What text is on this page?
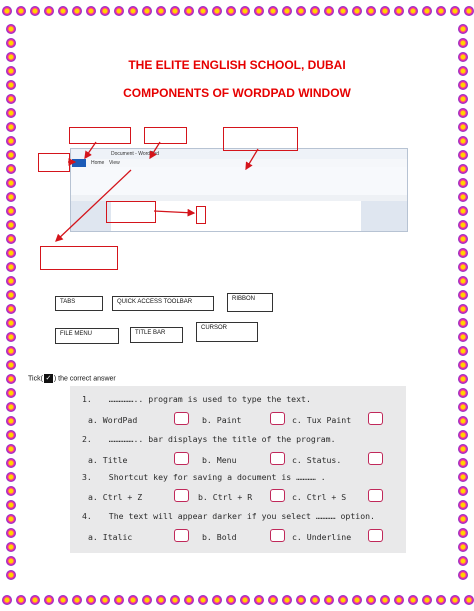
THE ELITE ENGLISH SCHOOL, DUBAI
COMPONENTS OF WORDPAD WINDOW
Document - WordPad
Home View
TABS	QUICK ACCESS TOOLBAR	RIBBON
FILE MENU	TITLE BAR
CURSOR
Tick( ✓ ) the correct answer
1. …………….. program is used to type the text.
a. WordPad	b. Paint	c. Tux Paint
2. …………….. bar displays the title of the program.
a. Title	b. Menu	c. Status.
3. Shortcut key for saving a document is ………… .
a. Ctrl + Z	b. Ctrl + R	c. Ctrl + S
4. The text will appear darker if you select ………… option.
a. Italic	b. Bold	c. Underline
